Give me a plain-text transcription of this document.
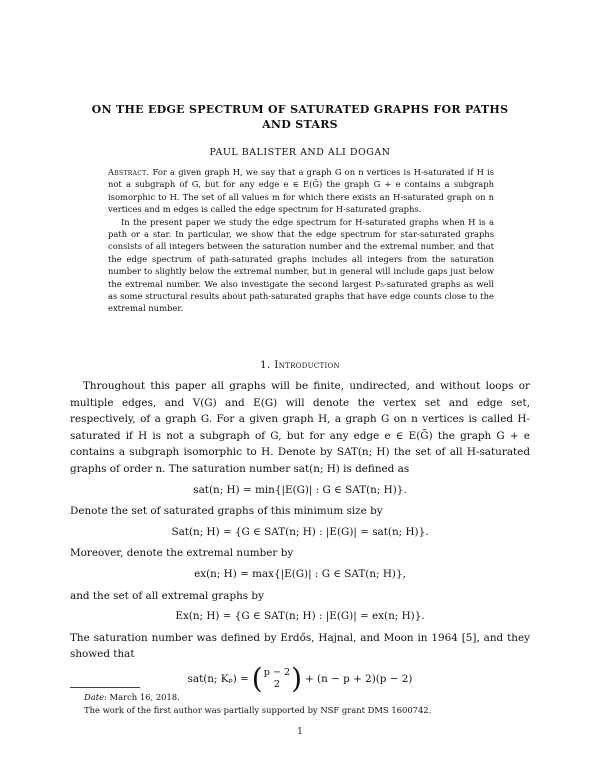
ON THE EDGE SPECTRUM OF SATURATED GRAPHS FOR PATHS
AND STARS
PAUL BALISTER AND ALI DOGAN

Abstract. For a given graph H, we say that a graph G on n vertices is H-saturated if H is not a subgraph of G, but for any edge e ∈ E(Ḡ) the graph G + e contains a subgraph isomorphic to H. The set of all values m for which there exists an H-saturated graph on n vertices and m edges is called the edge spectrum for H-saturated graphs.

In the present paper we study the edge spectrum for H-saturated graphs when H is a path or a star. In particular, we show that the edge spectrum for star-saturated graphs consists of all integers between the saturation number and the extremal number, and that the edge spectrum of path-saturated graphs includes all integers from the saturation number to slightly below the extremal number, but in general will include gaps just below the extremal number. We also investigate the second largest P₅-saturated graphs as well as some structural results about path-saturated graphs that have edge counts close to the extremal number.

1. Introduction

Throughout this paper all graphs will be finite, undirected, and without loops or multiple edges, and V(G) and E(G) will denote the vertex set and edge set, respectively, of a graph G. For a given graph H, a graph G on n vertices is called H-saturated if H is not a subgraph of G, but for any edge e ∈ E(Ḡ) the graph G + e contains a subgraph isomorphic to H. Denote by SAT(n; H) the set of all H-saturated graphs of order n. The saturation number sat(n; H) is defined as

sat(n; H) = min{|E(G)| : G ∈ SAT(n; H)}.

Denote the set of saturated graphs of this minimum size by

Sat(n; H) = {G ∈ SAT(n; H) : |E(G)| = sat(n; H)}.

Moreover, denote the extremal number by

ex(n; H) = max{|E(G)| : G ∈ SAT(n; H)},

and the set of all extremal graphs by

Ex(n; H) = {G ∈ SAT(n; H) : |E(G)| = ex(n; H)}.

The saturation number was defined by Erdős, Hajnal, and Moon in 1964 [5], and they showed that

sat(n; Kₚ) = ( p − 2
2 ) + (n − p + 2)(p − 2)

Date: March 16, 2018.

The work of the first author was partially supported by NSF grant DMS 1600742.

1
